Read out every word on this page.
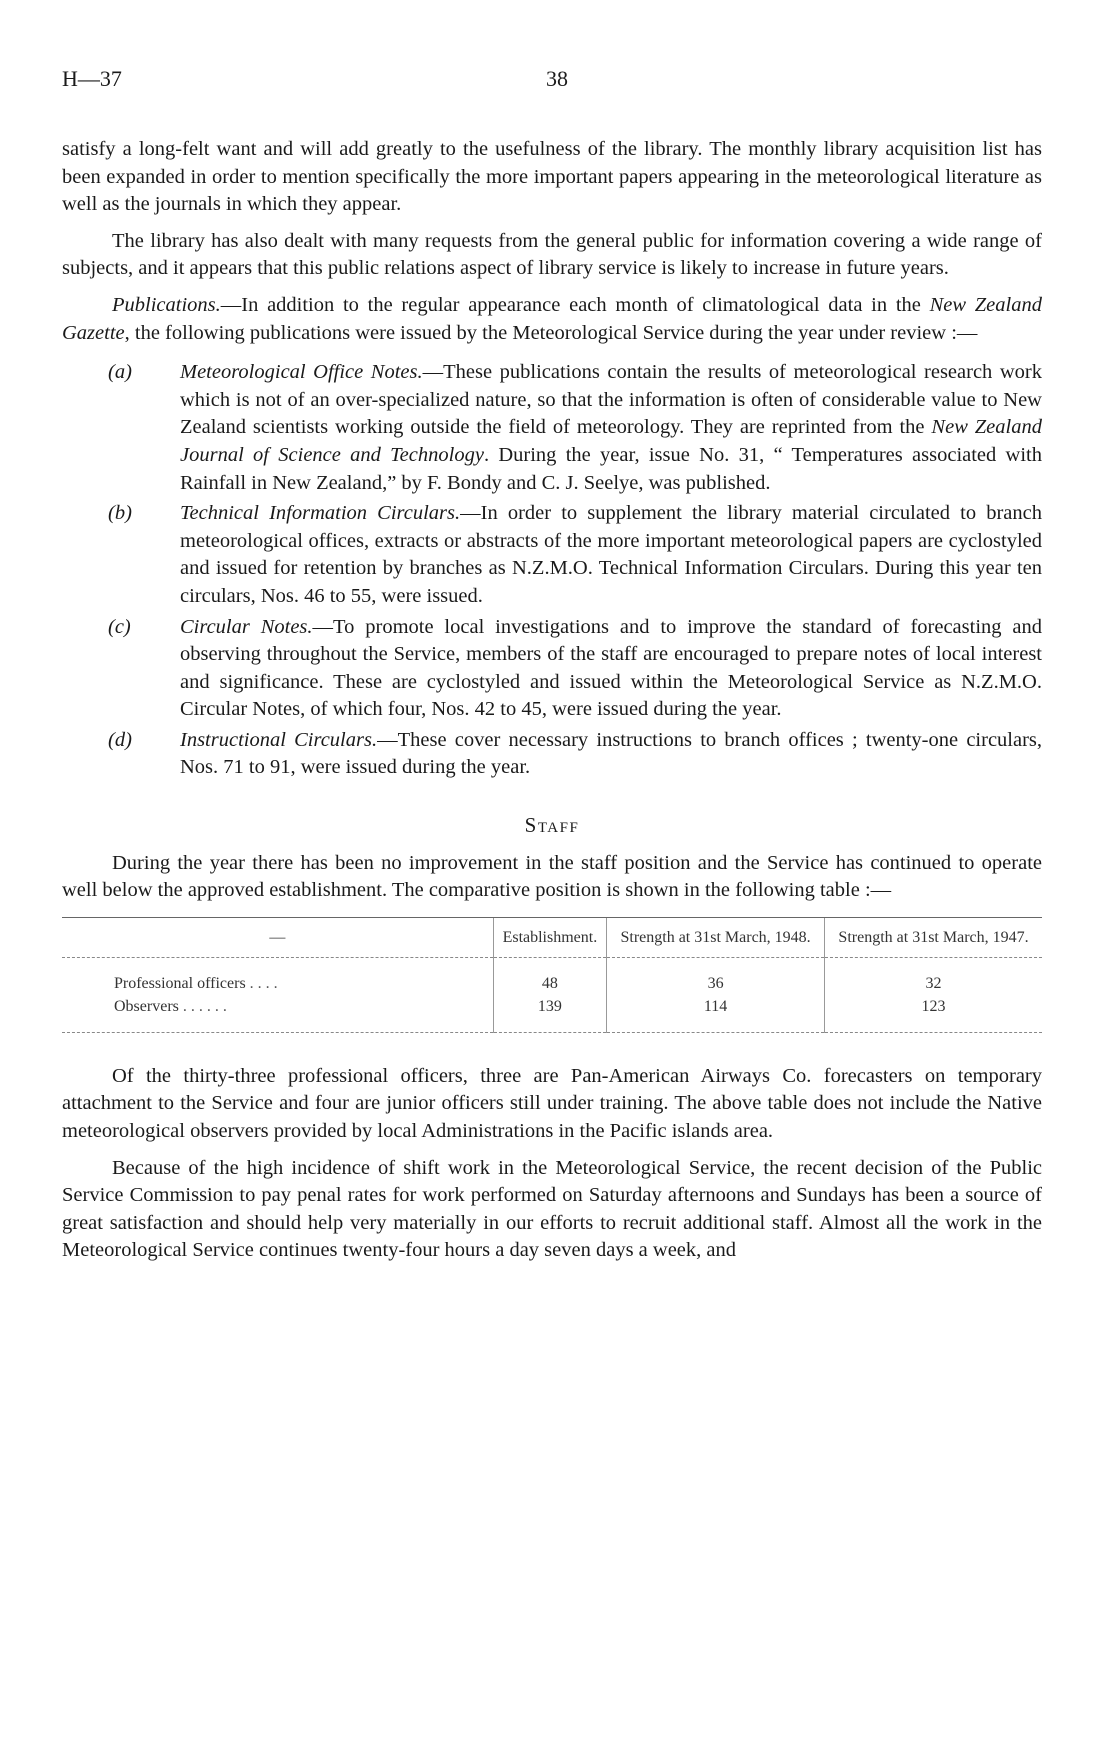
H—37	38

satisfy a long-felt want and will add greatly to the usefulness of the library. The monthly library acquisition list has been expanded in order to mention specifically the more important papers appearing in the meteorological literature as well as the journals in which they appear.

The library has also dealt with many requests from the general public for information covering a wide range of subjects, and it appears that this public relations aspect of library service is likely to increase in future years.

Publications.—In addition to the regular appearance each month of climatological data in the New Zealand Gazette, the following publications were issued by the Meteorological Service during the year under review :—

(a) Meteorological Office Notes.—These publications contain the results of meteorological research work which is not of an over-specialized nature, so that the information is often of considerable value to New Zealand scientists working outside the field of meteorology. They are reprinted from the New Zealand Journal of Science and Technology. During the year, issue No. 31, “ Temperatures associated with Rainfall in New Zealand,” by F. Bondy and C. J. Seelye, was published.
(b) Technical Information Circulars.—In order to supplement the library material circulated to branch meteorological offices, extracts or abstracts of the more important meteorological papers are cyclostyled and issued for retention by branches as N.Z.M.O. Technical Information Circulars. During this year ten circulars, Nos. 46 to 55, were issued.
(c) Circular Notes.—To promote local investigations and to improve the standard of forecasting and observing throughout the Service, members of the staff are encouraged to prepare notes of local interest and significance. These are cyclostyled and issued within the Meteorological Service as N.Z.M.O. Circular Notes, of which four, Nos. 42 to 45, were issued during the year.
(d) Instructional Circulars.—These cover necessary instructions to branch offices ; twenty-one circulars, Nos. 71 to 91, were issued during the year.
Staff

During the year there has been no improvement in the staff position and the Service has continued to operate well below the approved establishment. The comparative position is shown in the following table :—

—	Establishment.	Strength at 31st March, 1948.	Strength at 31st March, 1947.
Professional officers . . . .	48	36	32
Observers . . . . . .	139	114	123

Of the thirty-three professional officers, three are Pan-American Airways Co. forecasters on temporary attachment to the Service and four are junior officers still under training. The above table does not include the Native meteorological observers provided by local Administrations in the Pacific islands area.

Because of the high incidence of shift work in the Meteorological Service, the recent decision of the Public Service Commission to pay penal rates for work performed on Saturday afternoons and Sundays has been a source of great satisfaction and should help very materially in our efforts to recruit additional staff. Almost all the work in the Meteorological Service continues twenty-four hours a day seven days a week, and
